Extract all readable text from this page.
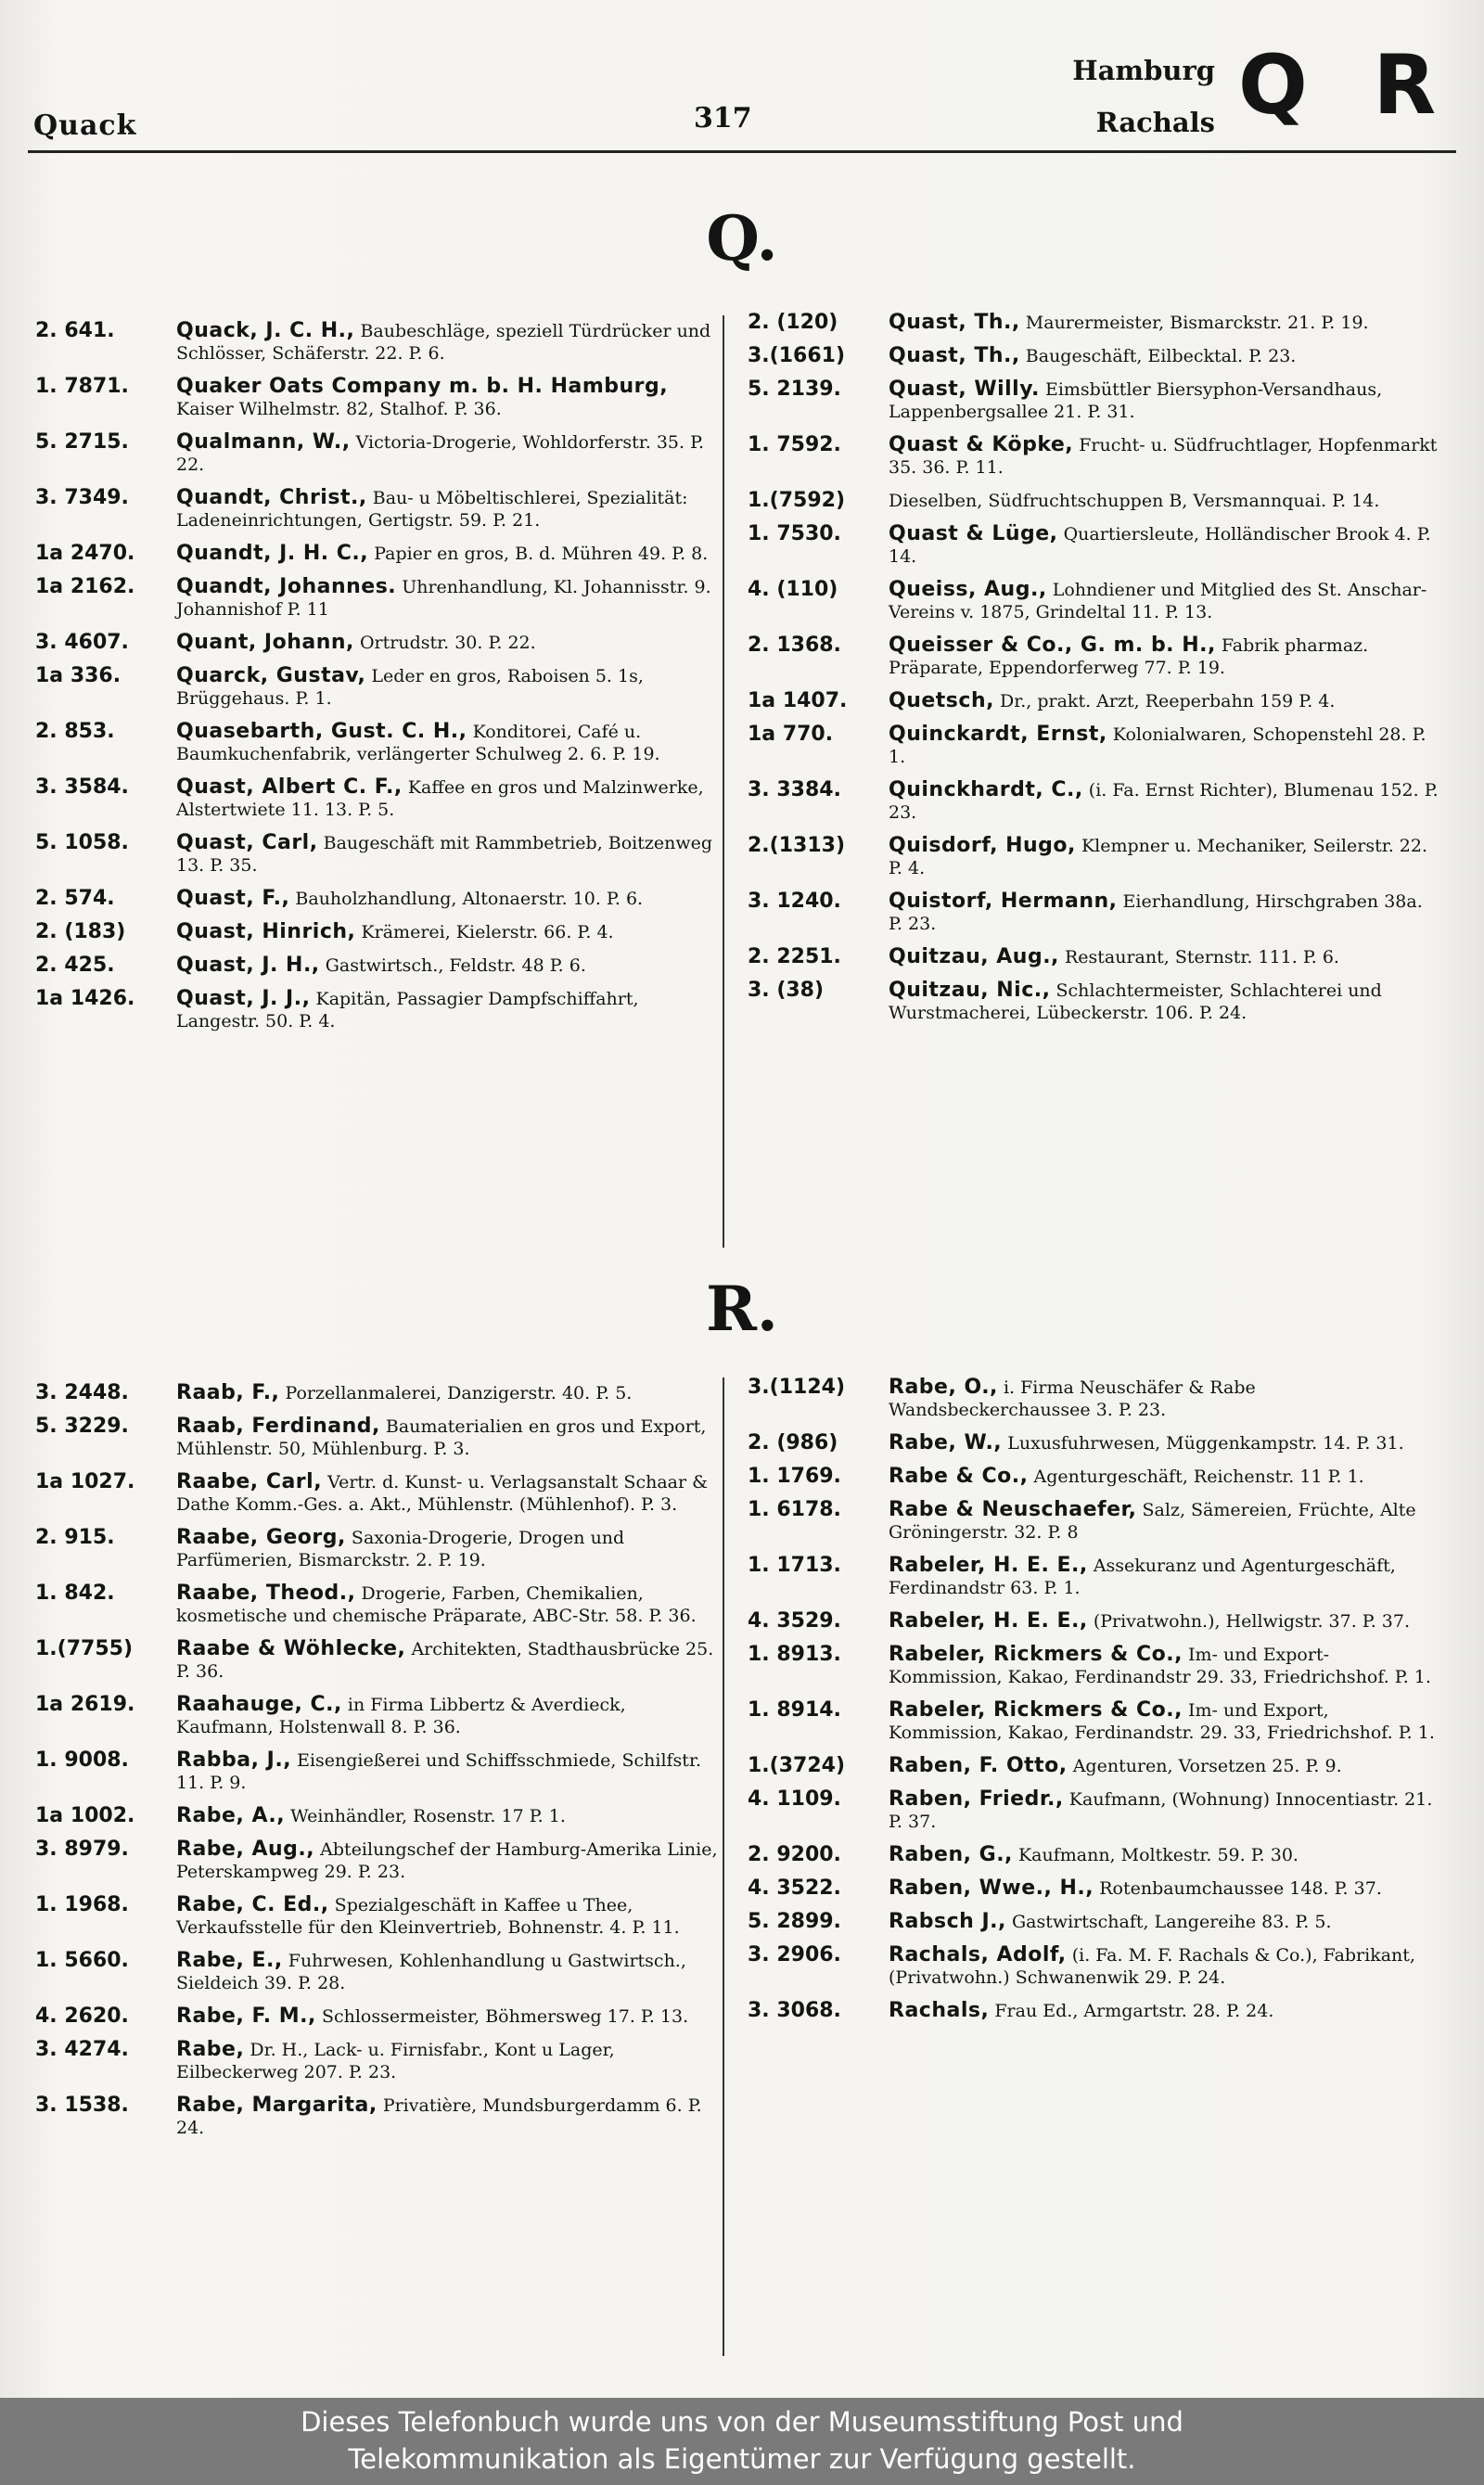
Quack	317
Hamburg
Rachals Q R
Q.
2. 641.	Quack, J. C. H., Baubeschläge, speziell Türdrücker und Schlösser, Schäferstr. 22. P. 6.
1. 7871.	Quaker Oats Company m. b. H. Hamburg, Kaiser Wilhelmstr. 82, Stalhof. P. 36.
5. 2715.	Qualmann, W., Victoria-Drogerie, Wohldorferstr. 35. P. 22.
3. 7349.	Quandt, Christ., Bau- u Möbeltischlerei, Spezialität: Ladeneinrichtungen, Gertigstr. 59. P. 21.
1a 2470.	Quandt, J. H. C., Papier en gros, B. d. Mühren 49. P. 8.
1a 2162.	Quandt, Johannes. Uhrenhandlung, Kl. Johannisstr. 9. Johannishof P. 11
3. 4607.	Quant, Johann, Ortrudstr. 30. P. 22.
1a 336.	Quarck, Gustav, Leder en gros, Raboisen 5. 1s, Brüggehaus. P. 1.
2. 853.	Quasebarth, Gust. C. H., Konditorei, Café u. Baumkuchenfabrik, verlängerter Schulweg 2. 6. P. 19.
3. 3584.	Quast, Albert C. F., Kaffee en gros und Malzinwerke, Alstertwiete 11. 13. P. 5.
5. 1058.	Quast, Carl, Baugeschäft mit Rammbetrieb, Boitzenweg 13. P. 35.
2. 574.	Quast, F., Bauholzhandlung, Altonaerstr. 10. P. 6.
2. (183)	Quast, Hinrich, Krämerei, Kielerstr. 66. P. 4.
2. 425.	Quast, J. H., Gastwirtsch., Feldstr. 48 P. 6.
1a 1426.	Quast, J. J., Kapitän, Passagier Dampfschiffahrt, Langestr. 50. P. 4.
2. (120)	Quast, Th., Maurermeister, Bismarckstr. 21. P. 19.
3.(1661)	Quast, Th., Baugeschäft, Eilbecktal. P. 23.
5. 2139.	Quast, Willy. Eimsbüttler Biersyphon-Versandhaus, Lappenbergsallee 21. P. 31.
1. 7592.	Quast & Köpke, Frucht- u. Südfruchtlager, Hopfenmarkt 35. 36. P. 11.
1.(7592)	Dieselben, Südfruchtschuppen B, Versmannquai. P. 14.
1. 7530.	Quast & Lüge, Quartiersleute, Holländischer Brook 4. P. 14.
4. (110)	Queiss, Aug., Lohndiener und Mitglied des St. Anschar-Vereins v. 1875, Grindeltal 11. P. 13.
2. 1368.	Queisser & Co., G. m. b. H., Fabrik pharmaz. Präparate, Eppendorferweg 77. P. 19.
1a 1407.	Quetsch, Dr., prakt. Arzt, Reeperbahn 159 P. 4.
1a 770.	Quinckardt, Ernst, Kolonialwaren, Schopenstehl 28. P. 1.
3. 3384.	Quinckhardt, C., (i. Fa. Ernst Richter), Blumenau 152. P. 23.
2.(1313)	Quisdorf, Hugo, Klempner u. Mechaniker, Seilerstr. 22. P. 4.
3. 1240.	Quistorf, Hermann, Eierhandlung, Hirschgraben 38a. P. 23.
2. 2251.	Quitzau, Aug., Restaurant, Sternstr. 111. P. 6.
3. (38)	Quitzau, Nic., Schlachtermeister, Schlachterei und Wurstmacherei, Lübeckerstr. 106. P. 24.
R.
3. 2448.	Raab, F., Porzellanmalerei, Danzigerstr. 40. P. 5.
5. 3229.	Raab, Ferdinand, Baumaterialien en gros und Export, Mühlenstr. 50, Mühlenburg. P. 3.
1a 1027.	Raabe, Carl, Vertr. d. Kunst- u. Verlagsanstalt Schaar & Dathe Komm.-Ges. a. Akt., Mühlenstr. (Mühlenhof). P. 3.
2. 915.	Raabe, Georg, Saxonia-Drogerie, Drogen und Parfümerien, Bismarckstr. 2. P. 19.
1. 842.	Raabe, Theod., Drogerie, Farben, Chemikalien, kosmetische und chemische Präparate, ABC-Str. 58. P. 36.
1.(7755)	Raabe & Wöhlecke, Architekten, Stadthausbrücke 25. P. 36.
1a 2619.	Raahauge, C., in Firma Libbertz & Averdieck, Kaufmann, Holstenwall 8. P. 36.
1. 9008.	Rabba, J., Eisengießerei und Schiffsschmiede, Schilfstr. 11. P. 9.
1a 1002.	Rabe, A., Weinhändler, Rosenstr. 17 P. 1.
3. 8979.	Rabe, Aug., Abteilungschef der Hamburg-Amerika Linie, Peterskampweg 29. P. 23.
1. 1968.	Rabe, C. Ed., Spezialgeschäft in Kaffee u Thee, Verkaufsstelle für den Kleinvertrieb, Bohnenstr. 4. P. 11.
1. 5660.	Rabe, E., Fuhrwesen, Kohlenhandlung u Gastwirtsch., Sieldeich 39. P. 28.
4. 2620.	Rabe, F. M., Schlossermeister, Böhmersweg 17. P. 13.
3. 4274.	Rabe, Dr. H., Lack- u. Firnisfabr., Kont u Lager, Eilbeckerweg 207. P. 23.
3. 1538.	Rabe, Margarita, Privatière, Mundsburgerdamm 6. P. 24.
3.(1124)	Rabe, O., i. Firma Neuschäfer & Rabe Wandsbeckerchaussee 3. P. 23.
2. (986)	Rabe, W., Luxusfuhrwesen, Müggenkampstr. 14. P. 31.
1. 1769.	Rabe & Co., Agenturgeschäft, Reichenstr. 11 P. 1.
1. 6178.	Rabe & Neuschaefer, Salz, Sämereien, Früchte, Alte Gröningerstr. 32. P. 8
1. 1713.	Rabeler, H. E. E., Assekuranz und Agenturgeschäft, Ferdinandstr 63. P. 1.
4. 3529.	Rabeler, H. E. E., (Privatwohn.), Hellwigstr. 37. P. 37.
1. 8913.	Rabeler, Rickmers & Co., Im- und Export-Kommission, Kakao, Ferdinandstr 29. 33, Friedrichshof. P. 1.
1. 8914.	Rabeler, Rickmers & Co., Im- und Export, Kommission, Kakao, Ferdinandstr. 29. 33, Friedrichshof. P. 1.
1.(3724)	Raben, F. Otto, Agenturen, Vorsetzen 25. P. 9.
4. 1109.	Raben, Friedr., Kaufmann, (Wohnung) Innocentiastr. 21. P. 37.
2. 9200.	Raben, G., Kaufmann, Moltkestr. 59. P. 30.
4. 3522.	Raben, Wwe., H., Rotenbaumchaussee 148. P. 37.
5. 2899.	Rabsch J., Gastwirtschaft, Langereihe 83. P. 5.
3. 2906.	Rachals, Adolf, (i. Fa. M. F. Rachals & Co.), Fabrikant, (Privatwohn.) Schwanenwik 29. P. 24.
3. 3068.	Rachals, Frau Ed., Armgartstr. 28. P. 24.
Dieses Telefonbuch wurde uns von der Museumsstiftung Post und
Telekommunikation als Eigentümer zur Verfügung gestellt.
